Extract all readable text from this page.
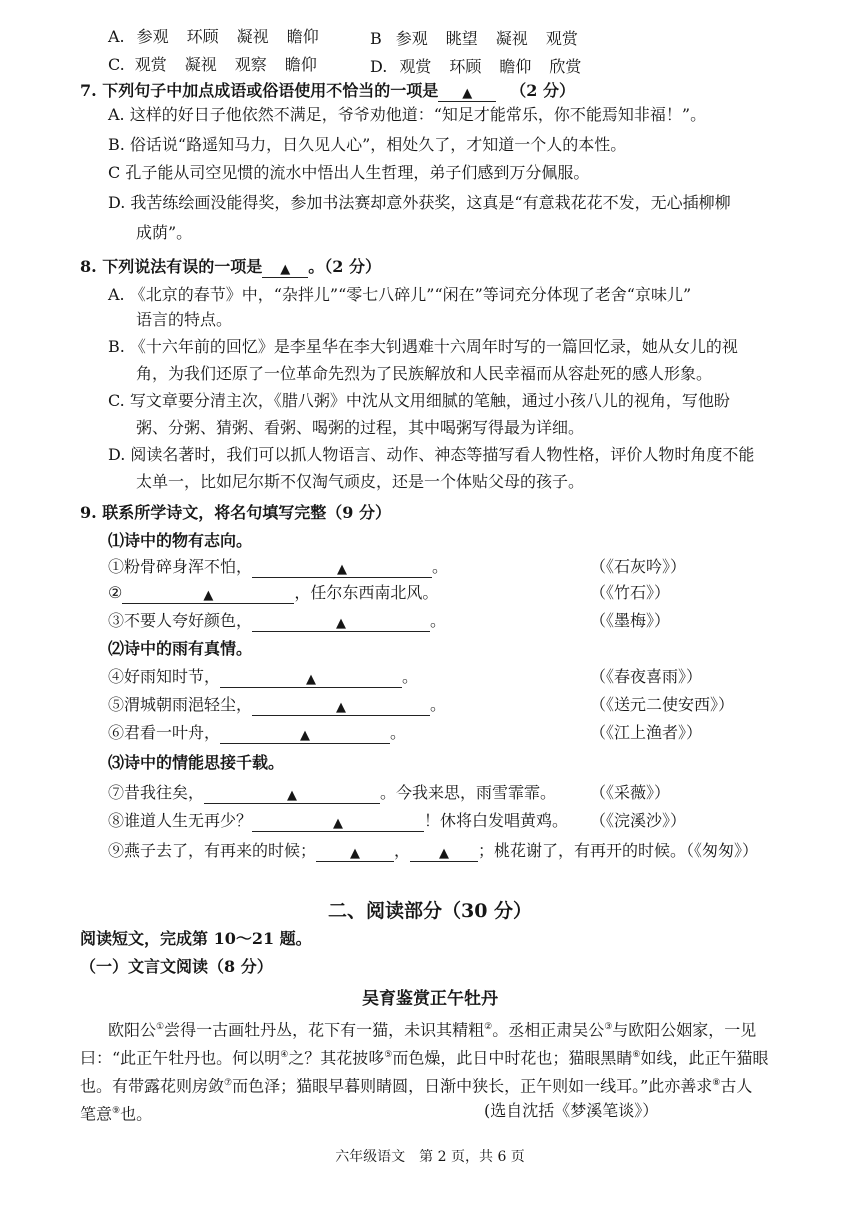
A. 参观 环顾 凝视 瞻仰	B 参观 眺望 凝视 观赏
C. 观赏 凝视 观察 瞻仰	D. 观赏 环顾 瞻仰 欣赏
7. 下列句子中加点成语或俗语使用不恰当的一项是 ▲ （2 分）
A. 这样的好日子他依然不满足，爷爷劝他道：“知足才能常乐，你不能焉知非福！”。
B. 俗话说“路遥知马力，日久见人心”，相处久了，才知道一个人的本性。
C 孔子能从司空见惯的流水中悟出人生哲理，弟子们感到万分佩服。
D. 我苦练绘画没能得奖，参加书法赛却意外获奖，这真是“有意栽花花不发，无心插柳柳
成荫”。
8. 下列说法有误的一项是 ▲ 。（2 分）
A. 《北京的春节》中，“杂拌儿”“零七八碎儿”“闲在”等词充分体现了老舍“京味儿”
语言的特点。
B. 《十六年前的回忆》是李星华在李大钊遇难十六周年时写的一篇回忆录，她从女儿的视
角，为我们还原了一位革命先烈为了民族解放和人民幸福而从容赴死的感人形象。
C. 写文章要分清主次，《腊八粥》中沈从文用细腻的笔触，通过小孩八儿的视角，写他盼
粥、分粥、猜粥、看粥、喝粥的过程，其中喝粥写得最为详细。
D. 阅读名著时，我们可以抓人物语言、动作、神态等描写看人物性格，评价人物时角度不能
太单一，比如尼尔斯不仅淘气顽皮，还是一个体贴父母的孩子。
9. 联系所学诗文，将名句填写完整（9 分）
⑴诗中的物有志向。
①粉骨碎身浑不怕，	▲	。	（《石灰吟》）
②	▲	，任尔东西南北风。	（《竹石》）
③不要人夸好颜色，	▲	。	（《墨梅》）
⑵诗中的雨有真情。
④好雨知时节，	▲	。	（《春夜喜雨》）
⑤渭城朝雨浥轻尘，	▲	。	（《送元二使安西》）
⑥君看一叶舟，	▲	。	（《江上渔者》）
⑶诗中的情能思接千载。
⑦昔我往矣，	▲	。今我来思，雨雪霏霏。 （《采薇》）
⑧谁道人生无再少？	▲	！休将白发唱黄鸡。 （《浣溪沙》）
⑨燕子去了，有再来的时候；	▲ ， ▲ ；桃花谢了，有再开的时候。（《匆匆》）
二、阅读部分（30 分）
阅读短文，完成第 10～21 题。
（一）文言文阅读（8 分）
吴育鉴赏正午牡丹
欧阳公①尝得一古画牡丹丛，花下有一猫，未识其精粗②。丞相正肃吴公③与欧阳公姻家，一见
曰：“此正午牡丹也。何以明④之？其花披哆⑤而色燥，此日中时花也；猫眼黑睛⑥如线，此正午猫眼
也。有带露花则房敛⑦而色泽；猫眼早暮则睛圆，日渐中狭长，正午则如一线耳。”此亦善求⑧古人
笔意⑨也。	(选自沈括《梦溪笔谈》）
六年级语文　第 2 页，共 6 页
